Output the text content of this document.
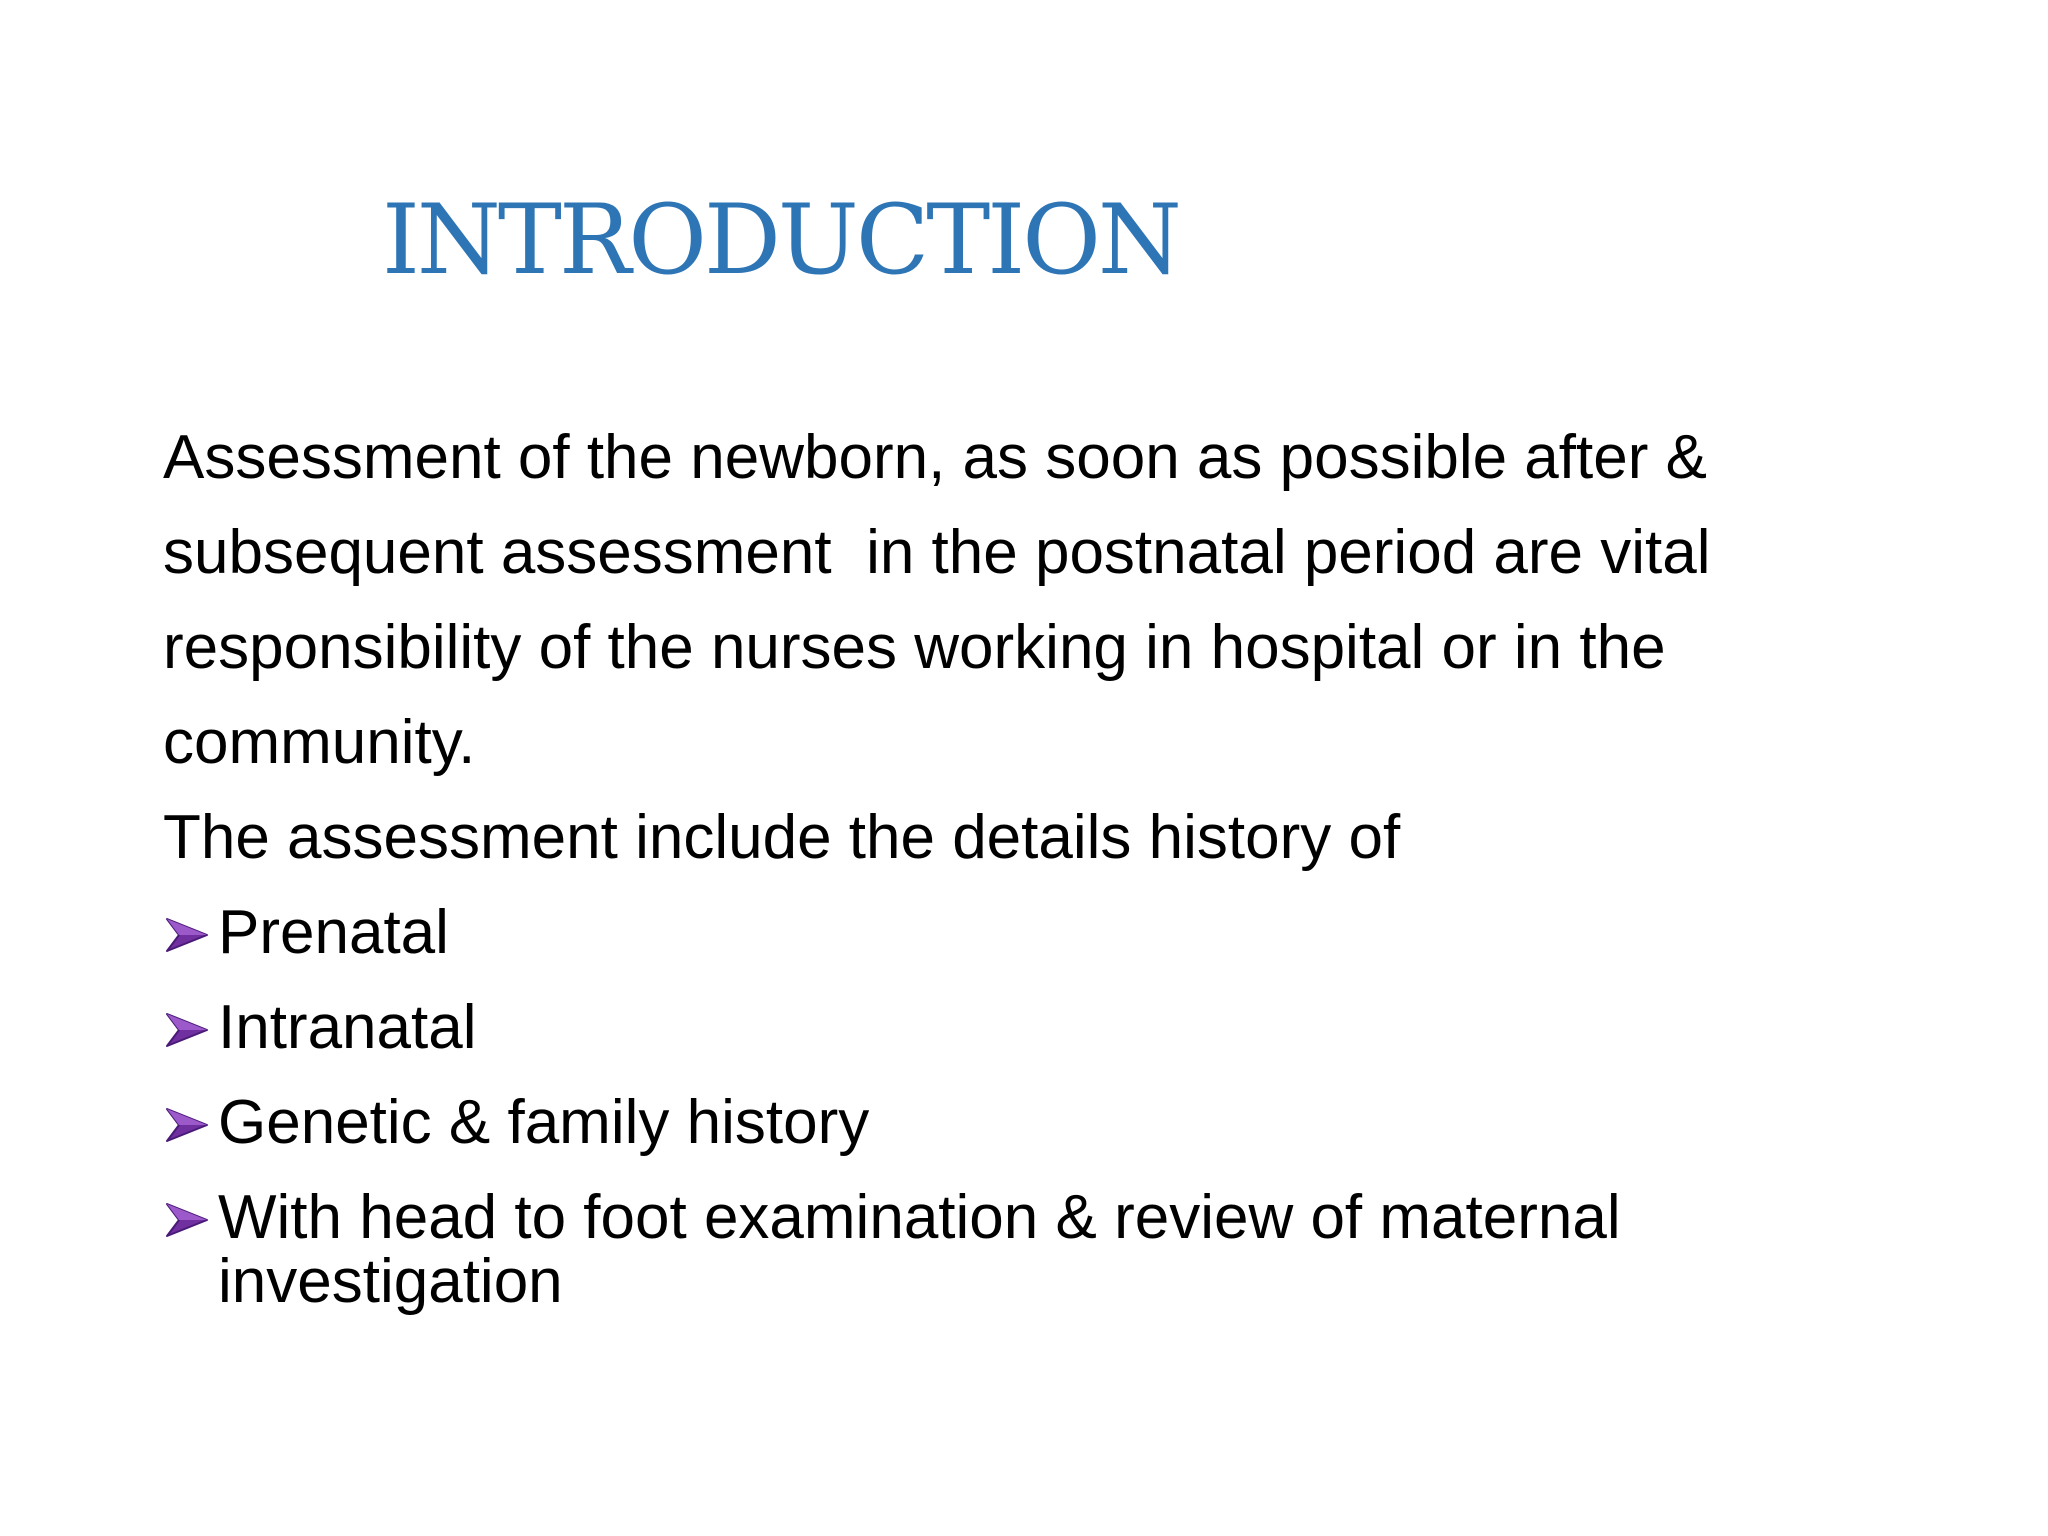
INTRODUCTION

Assessment of the newborn, as soon as possible after &
subsequent assessment  in the postnatal period are vital
responsibility of the nurses working in hospital or in the
community.
The assessment include the details history of

Prenatal
Intranatal
Genetic & family history
With head to foot examination & review of maternal
investigation
